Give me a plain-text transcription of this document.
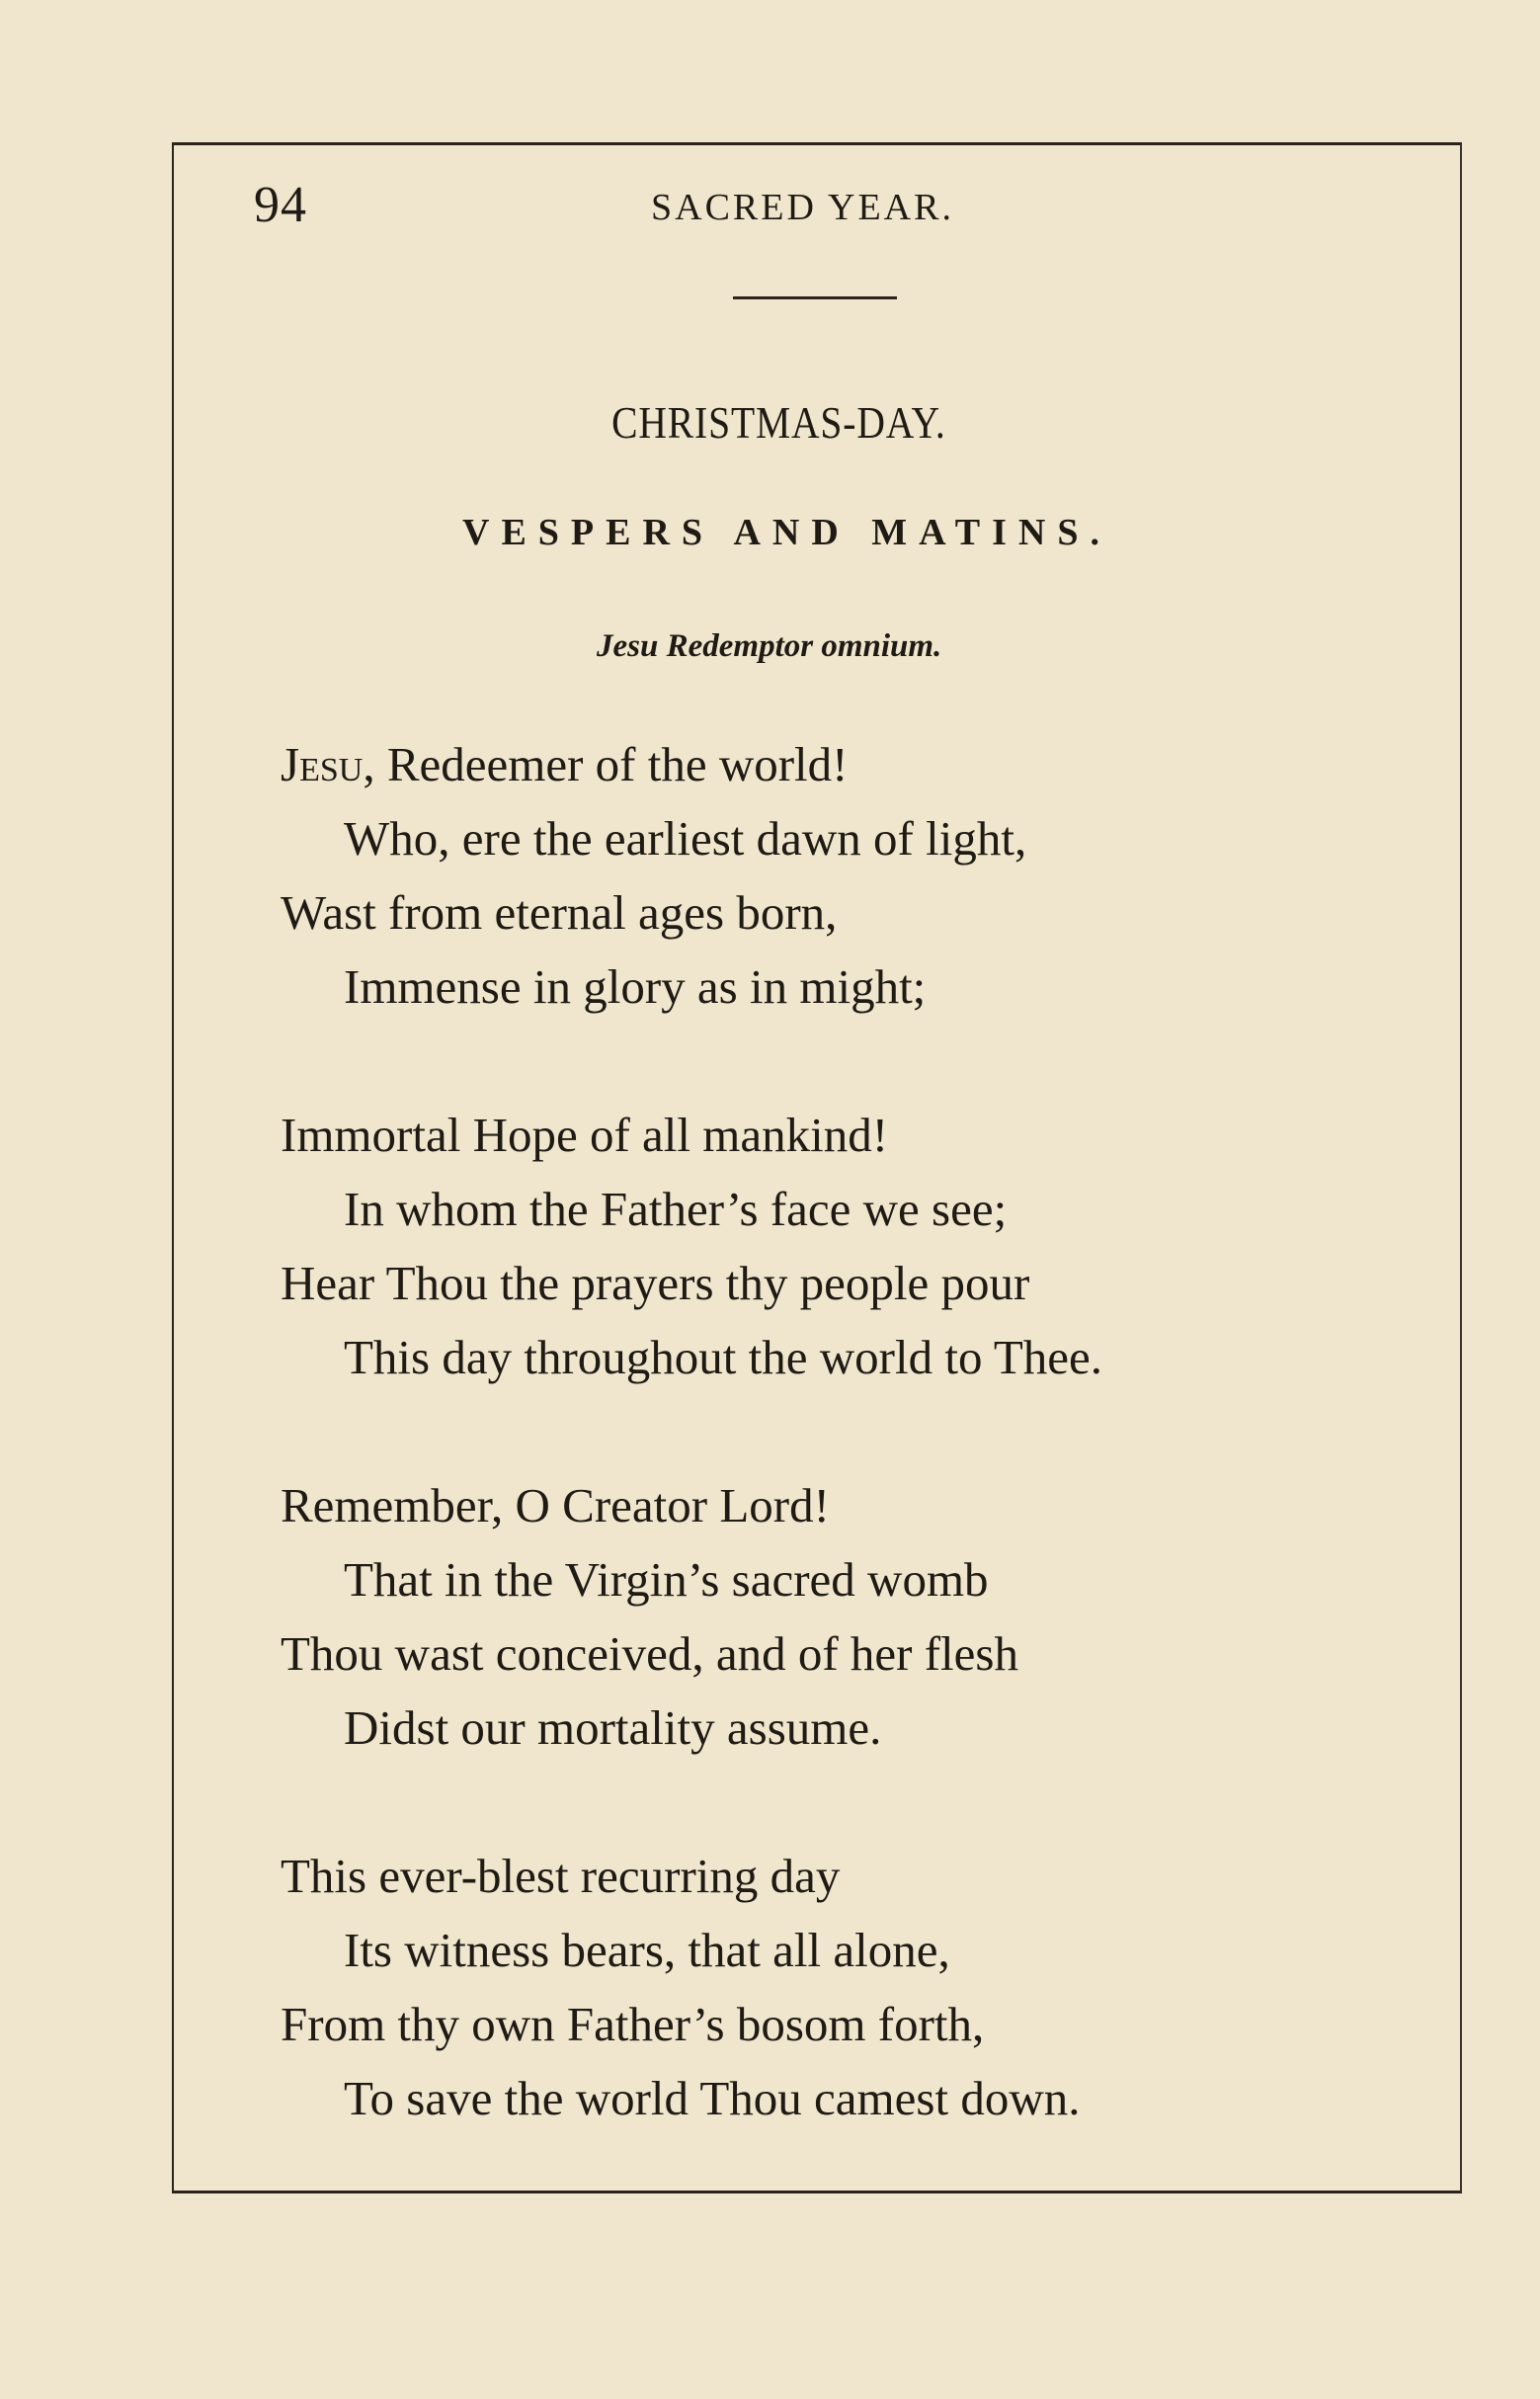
94	SACRED YEAR.
CHRISTMAS-DAY.
VESPERS AND MATINS.
Jesu Redemptor omnium.
Jesu, Redeemer of the world!
Who, ere the earliest dawn of light,
Wast from eternal ages born,
Immense in glory as in might;
Immortal Hope of all mankind!
In whom the Father’s face we see;
Hear Thou the prayers thy people pour
This day throughout the world to Thee.
Remember, O Creator Lord!
That in the Virgin’s sacred womb
Thou wast conceived, and of her flesh
Didst our mortality assume.
This ever-blest recurring day
Its witness bears, that all alone,
From thy own Father’s bosom forth,
To save the world Thou camest down.
